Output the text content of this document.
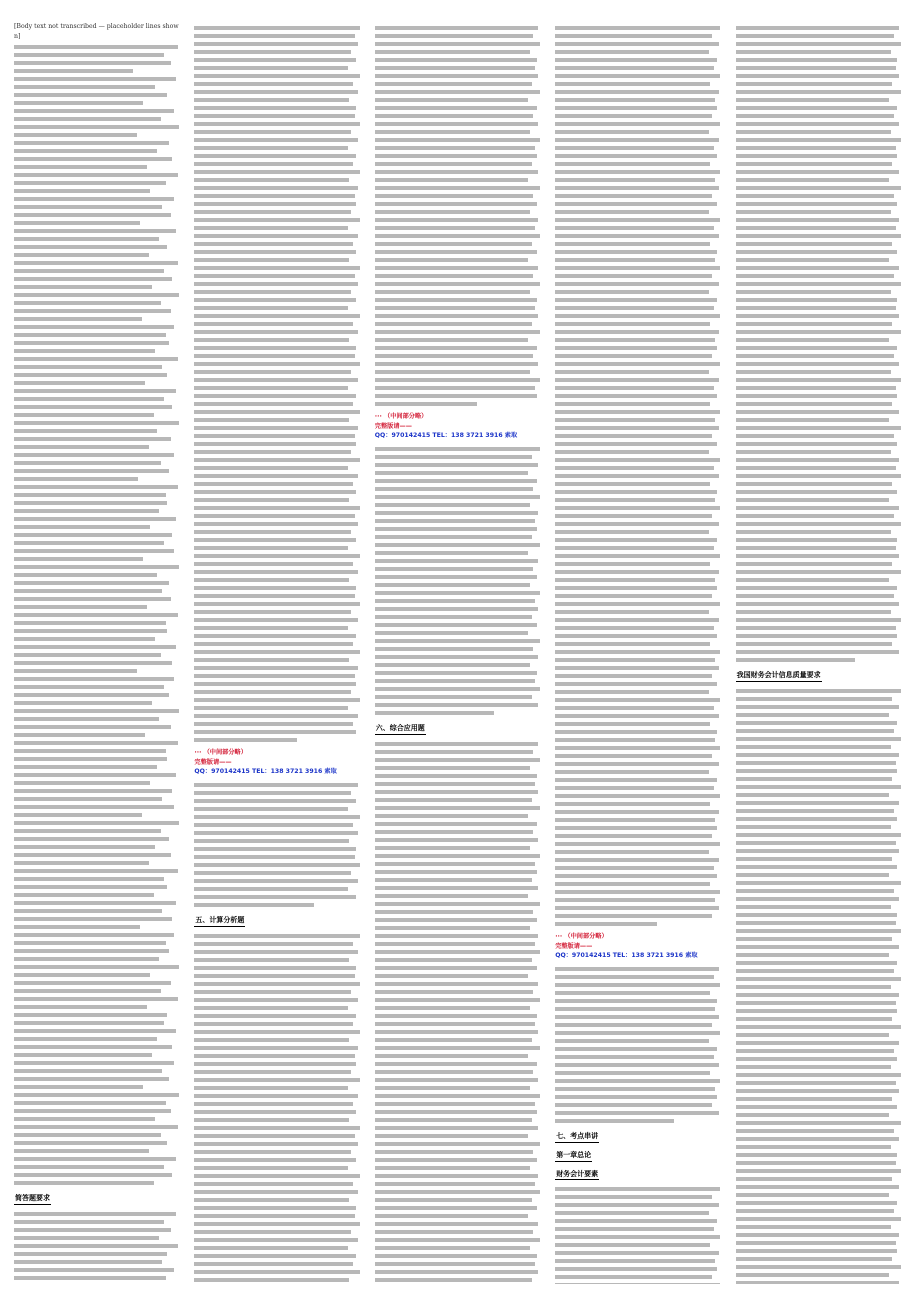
[Body text not transcribed — placeholder lines shown]

简答题要求

··· （中间部分略）

完整版请——

QQ：970142415 TEL：138 3721 3916 索取

五、计算分析题

··· （中间部分略）

完整版请——

QQ：970142415 TEL：138 3721 3916 索取

六、综合应用题

··· （中间部分略）

完整版请——

QQ：970142415 TEL：138 3721 3916 索取

七、考点串讲
第一章总论
财务会计要素
我国财务会计信息质量要求
